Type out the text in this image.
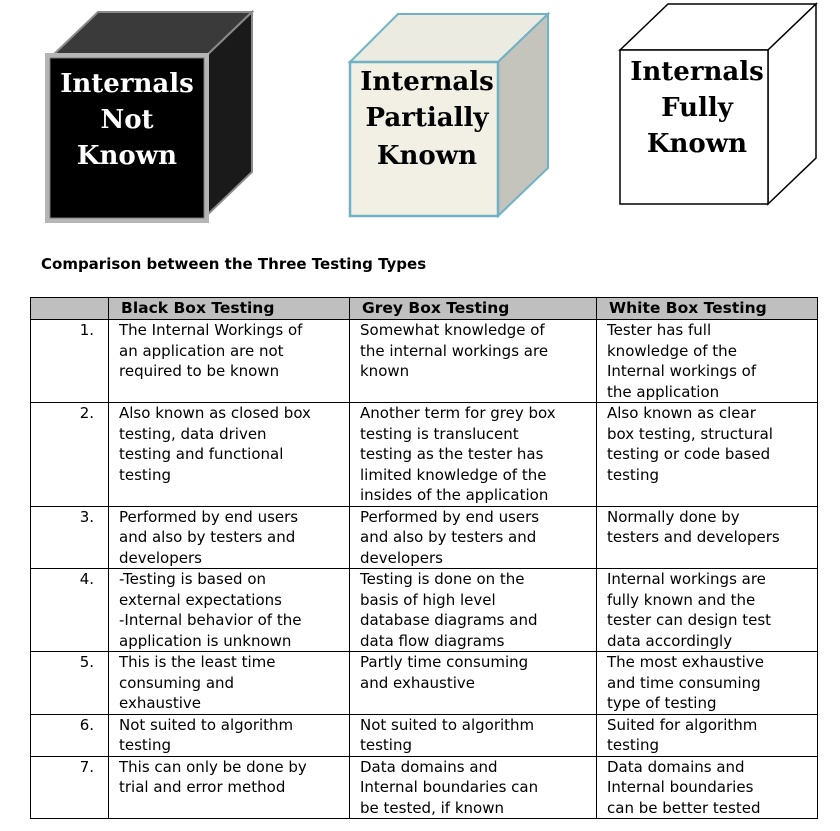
Internals
Not
Known
Internals
Partially
Known
Internals
Fully
Known
Comparison between the Three Testing Types
	Black Box Testing	Grey Box Testing	White Box Testing
1.	The Internal Workings of
an application are not
required to be known	Somewhat knowledge of
the internal workings are
known	Tester has full
knowledge of the
Internal workings of
the application
2.	Also known as closed box
testing, data driven
testing and functional
testing	Another term for grey box
testing is translucent
testing as the tester has
limited knowledge of the
insides of the application	Also known as clear
box testing, structural
testing or code based
testing
3.	Performed by end users
and also by testers and
developers	Performed by end users
and also by testers and
developers	Normally done by
testers and developers
4.	-Testing is based on
external expectations
-Internal behavior of the
application is unknown	Testing is done on the
basis of high level
database diagrams and
data flow diagrams	Internal workings are
fully known and the
tester can design test
data accordingly
5.	This is the least time
consuming and
exhaustive	Partly time consuming
and exhaustive	The most exhaustive
and time consuming
type of testing
6.	Not suited to algorithm
testing	Not suited to algorithm
testing	Suited for algorithm
testing
7.	This can only be done by
trial and error method	Data domains and
Internal boundaries can
be tested, if known	Data domains and
Internal boundaries
can be better tested
